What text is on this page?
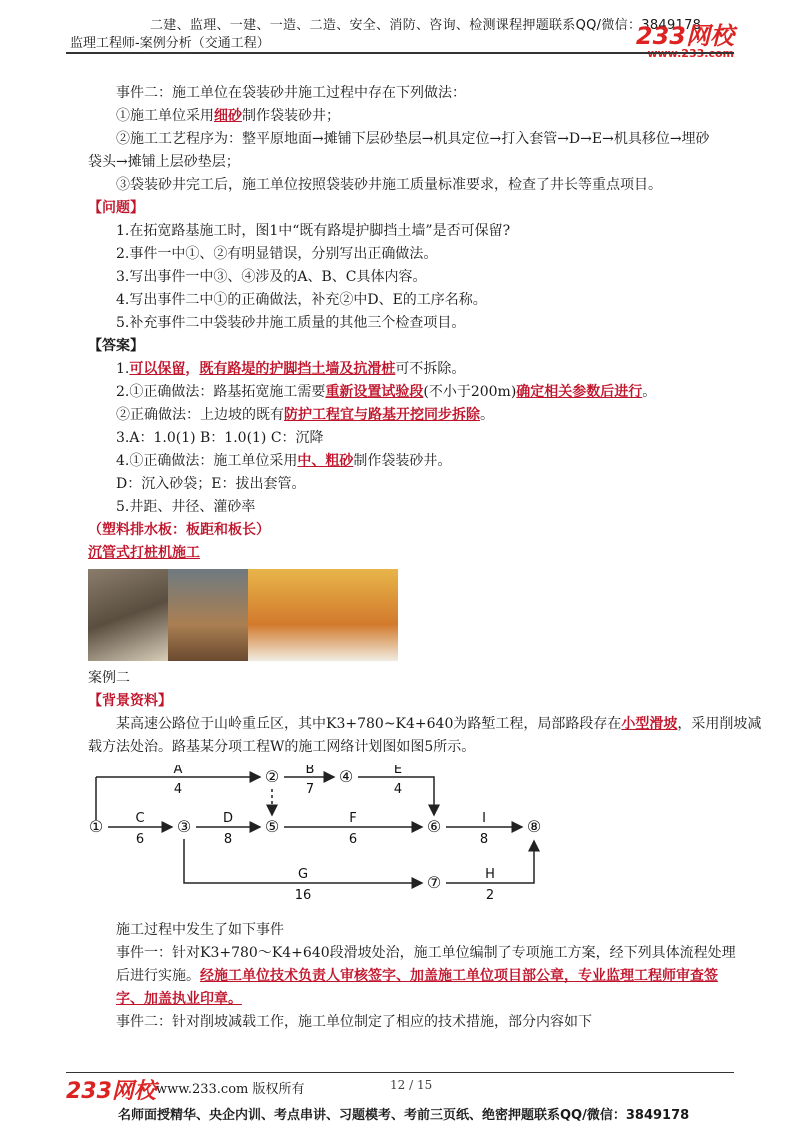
二建、监理、一建、一造、二造、安全、消防、咨询、检测课程押题联系QQ/微信：3849178
监理工程师-案例分析（交通工程）	233网校
www.233.com

事件二：施工单位在袋装砂井施工过程中存在下列做法：

①施工单位采用细砂制作袋装砂井；

②施工工艺程序为：整平原地面→摊铺下层砂垫层→机具定位→打入套管→D→E→机具移位→埋砂

袋头→摊铺上层砂垫层；

③袋装砂井完工后，施工单位按照袋装砂井施工质量标准要求，检查了井长等重点项目。

【问题】

1.在拓宽路基施工时，图1中“既有路堤护脚挡土墙”是否可保留?

2.事件一中①、②有明显错误，分别写出正确做法。

3.写出事件一中③、④涉及的A、B、C具体内容。

4.写出事件二中①的正确做法，补充②中D、E的工序名称。

5.补充事件二中袋装砂井施工质量的其他三个检查项目。

【答案】

1.可以保留，既有路堤的护脚挡土墙及抗滑桩可不拆除。

2.①正确做法：路基拓宽施工需要重新设置试验段(不小于200m)确定相关参数后进行。

②正确做法：上边坡的既有防护工程宜与路基开挖同步拆除。

3.A：1.0(1) B：1.0(1) C：沉降

4.①正确做法：施工单位采用中、粗砂制作袋装砂井。

D：沉入砂袋；E：拔出套管。

5.井距、井径、灌砂率

（塑料排水板：板距和板长）

沉管式打桩机施工

案例二

【背景资料】

某高速公路位于山岭重丘区，其中K3+780~K4+640为路堑工程，局部路段存在小型滑坡，采用削坡减

载方法处治。路基某分项工程W的施工网络计划图如图5所示。

①
②
③
④
⑤	⑥
⑦
⑧
A
4
B
7
E
4
C
6
D
8
F
6
I
8
G
16
H
2

施工过程中发生了如下事件

事件一：针对K3+780～K4+640段滑坡处治，施工单位编制了专项施工方案，经下列具体流程处理后进行实施。经施工单位技术负责人审核签字、加盖施工单位项目部公章，专业监理工程师审查签字、加盖执业印章。

事件二：针对削坡减载工作，施工单位制定了相应的技术措施，部分内容如下

233网校 www.233.com 版权所有	12 / 15
名师面授精华、央企内训、考点串讲、习题模考、考前三页纸、绝密押题联系QQ/微信：3849178
